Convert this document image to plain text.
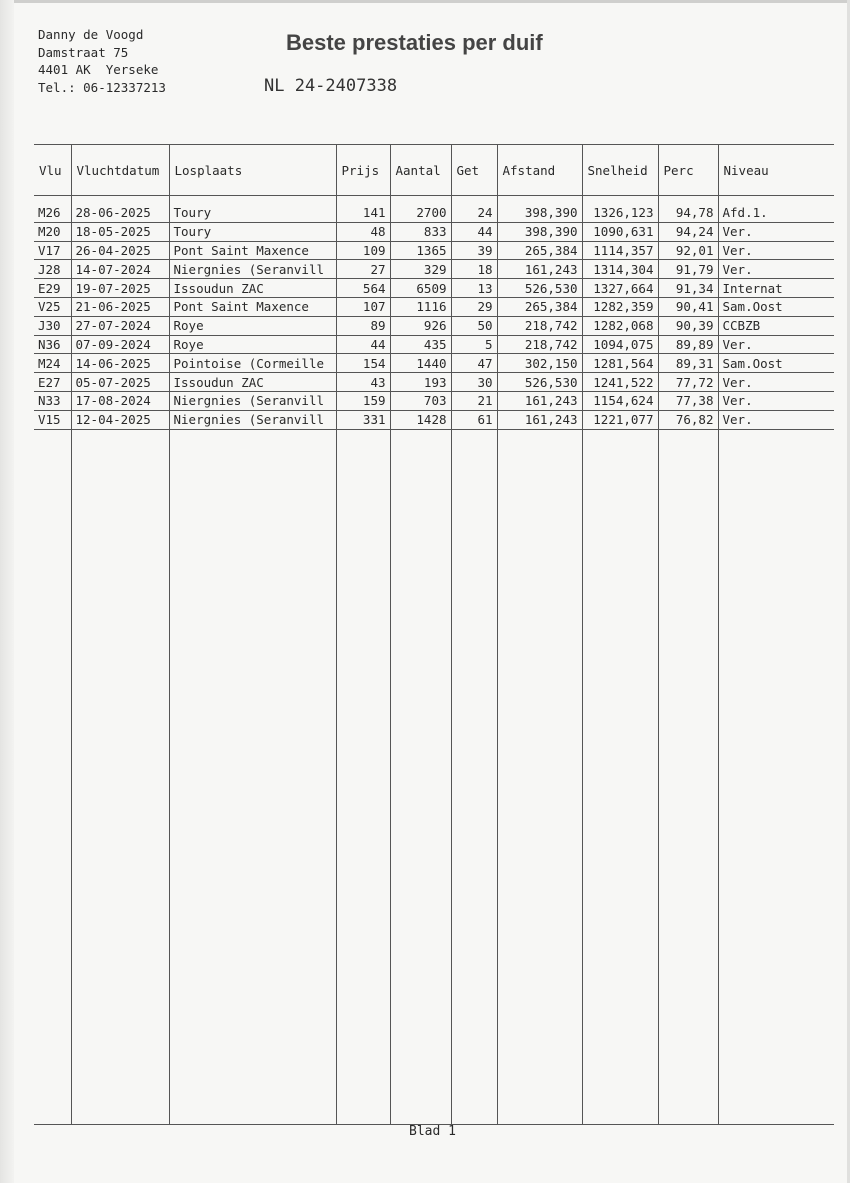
Danny de Voogd
Damstraat 75
4401 AK  Yerseke
Tel.: 06-12337213
Beste prestaties per duif
NL 24-2407338
Vlu	Vluchtdatum	Losplaats	Prijs	Aantal	Get	Afstand	Snelheid	Perc	Niveau

M26	28-06-2025	Toury	141	2700	24	398,390	1326,123	94,78	Afd.1.
M20	18-05-2025	Toury	48	833	44	398,390	1090,631	94,24	Ver.
V17	26-04-2025	Pont Saint Maxence	109	1365	39	265,384	1114,357	92,01	Ver.
J28	14-07-2024	Niergnies (Seranvill	27	329	18	161,243	1314,304	91,79	Ver.
E29	19-07-2025	Issoudun ZAC	564	6509	13	526,530	1327,664	91,34	Internat
V25	21-06-2025	Pont Saint Maxence	107	1116	29	265,384	1282,359	90,41	Sam.Oost
J30	27-07-2024	Roye	89	926	50	218,742	1282,068	90,39	CCBZB
N36	07-09-2024	Roye	44	435	5	218,742	1094,075	89,89	Ver.
M24	14-06-2025	Pointoise (Cormeille	154	1440	47	302,150	1281,564	89,31	Sam.Oost
E27	05-07-2025	Issoudun ZAC	43	193	30	526,530	1241,522	77,72	Ver.
N33	17-08-2024	Niergnies (Seranvill	159	703	21	161,243	1154,624	77,38	Ver.
V15	12-04-2025	Niergnies (Seranvill	331	1428	61	161,243	1221,077	76,82	Ver.

Blad 1
